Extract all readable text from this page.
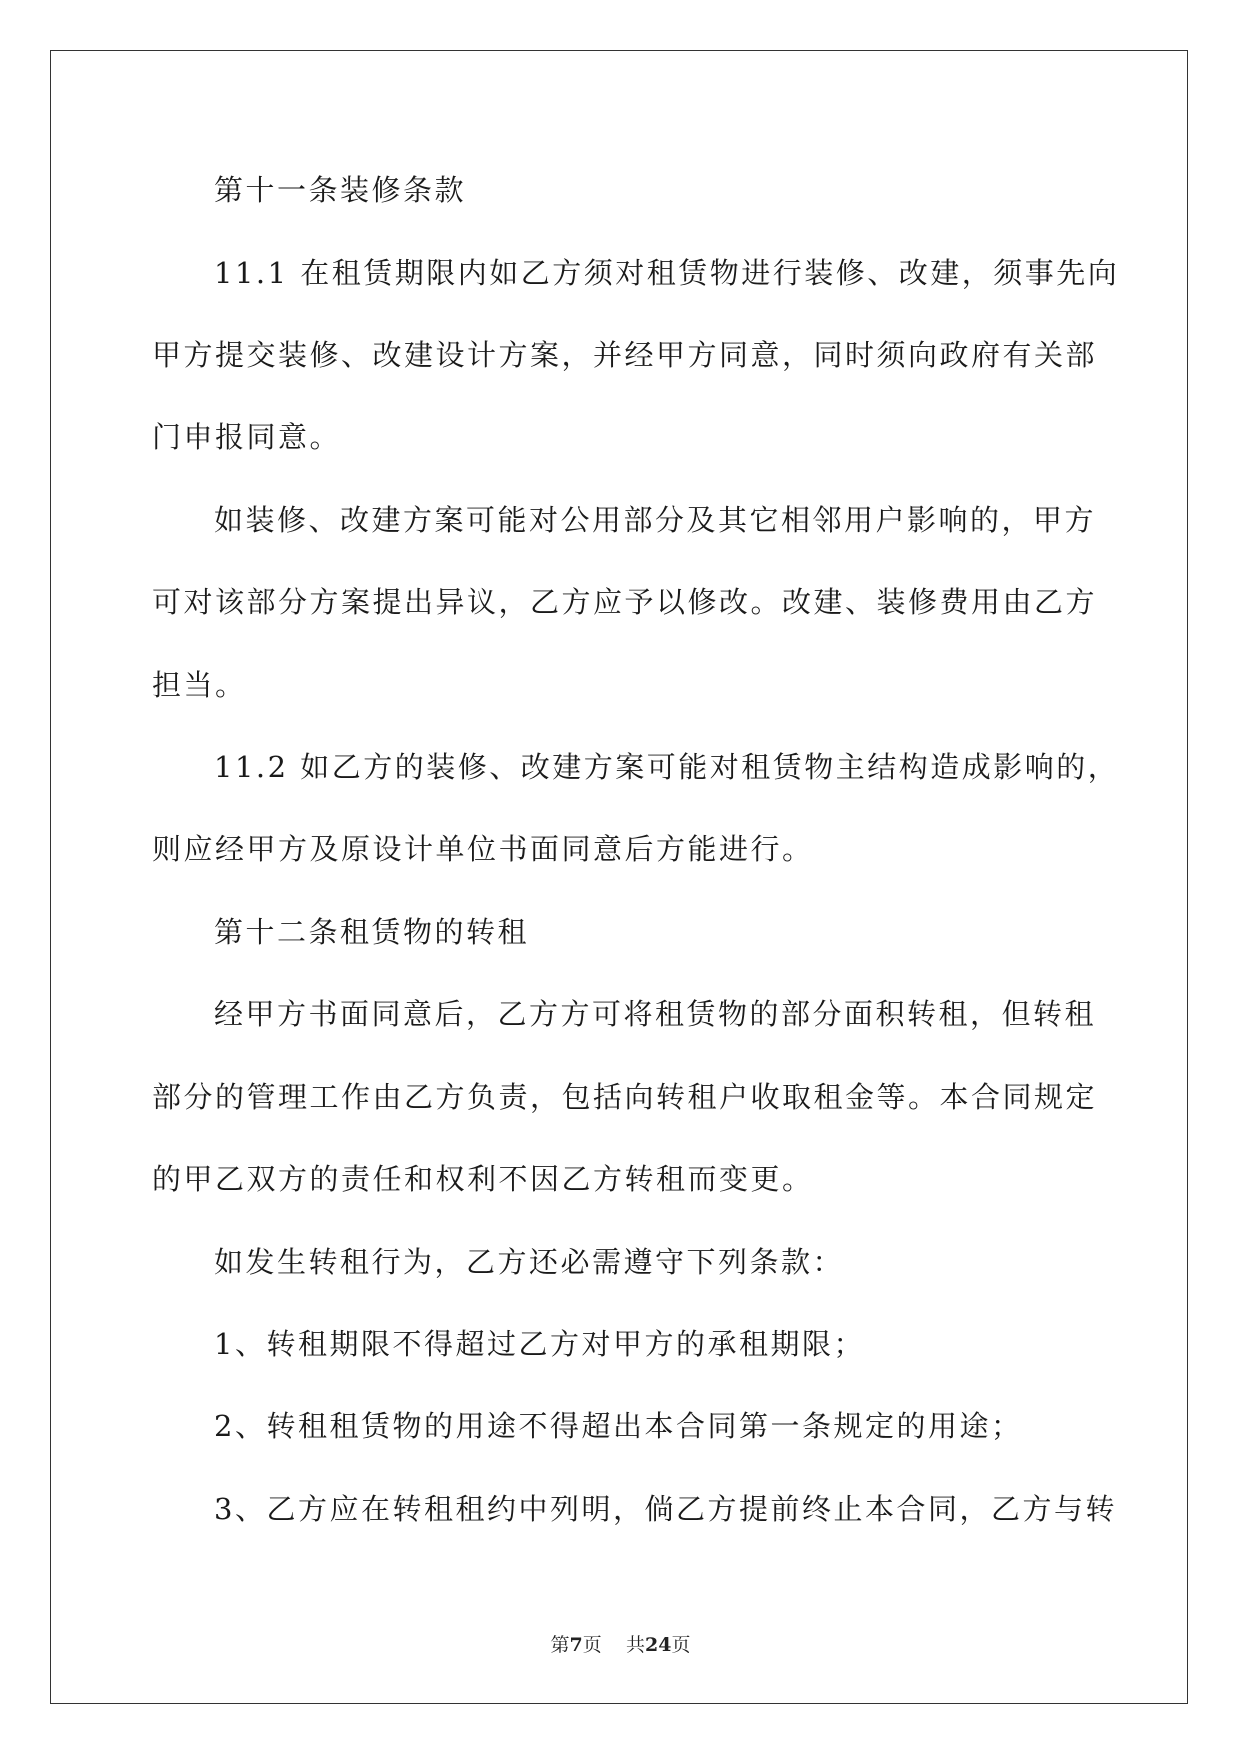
第十一条装修条款
11.1 在租赁期限内如乙方须对租赁物进行装修、改建，须事先向
甲方提交装修、改建设计方案，并经甲方同意，同时须向政府有关部
门申报同意。
如装修、改建方案可能对公用部分及其它相邻用户影响的，甲方
可对该部分方案提出异议，乙方应予以修改。改建、装修费用由乙方
担当。
11.2 如乙方的装修、改建方案可能对租赁物主结构造成影响的，
则应经甲方及原设计单位书面同意后方能进行。
第十二条租赁物的转租
经甲方书面同意后，乙方方可将租赁物的部分面积转租，但转租
部分的管理工作由乙方负责，包括向转租户收取租金等。本合同规定
的甲乙双方的责任和权利不因乙方转租而变更。
如发生转租行为，乙方还必需遵守下列条款：
1、转租期限不得超过乙方对甲方的承租期限；
2、转租租赁物的用途不得超出本合同第一条规定的用途；
3、乙方应在转租租约中列明，倘乙方提前终止本合同，乙方与转
第7页 共24页
